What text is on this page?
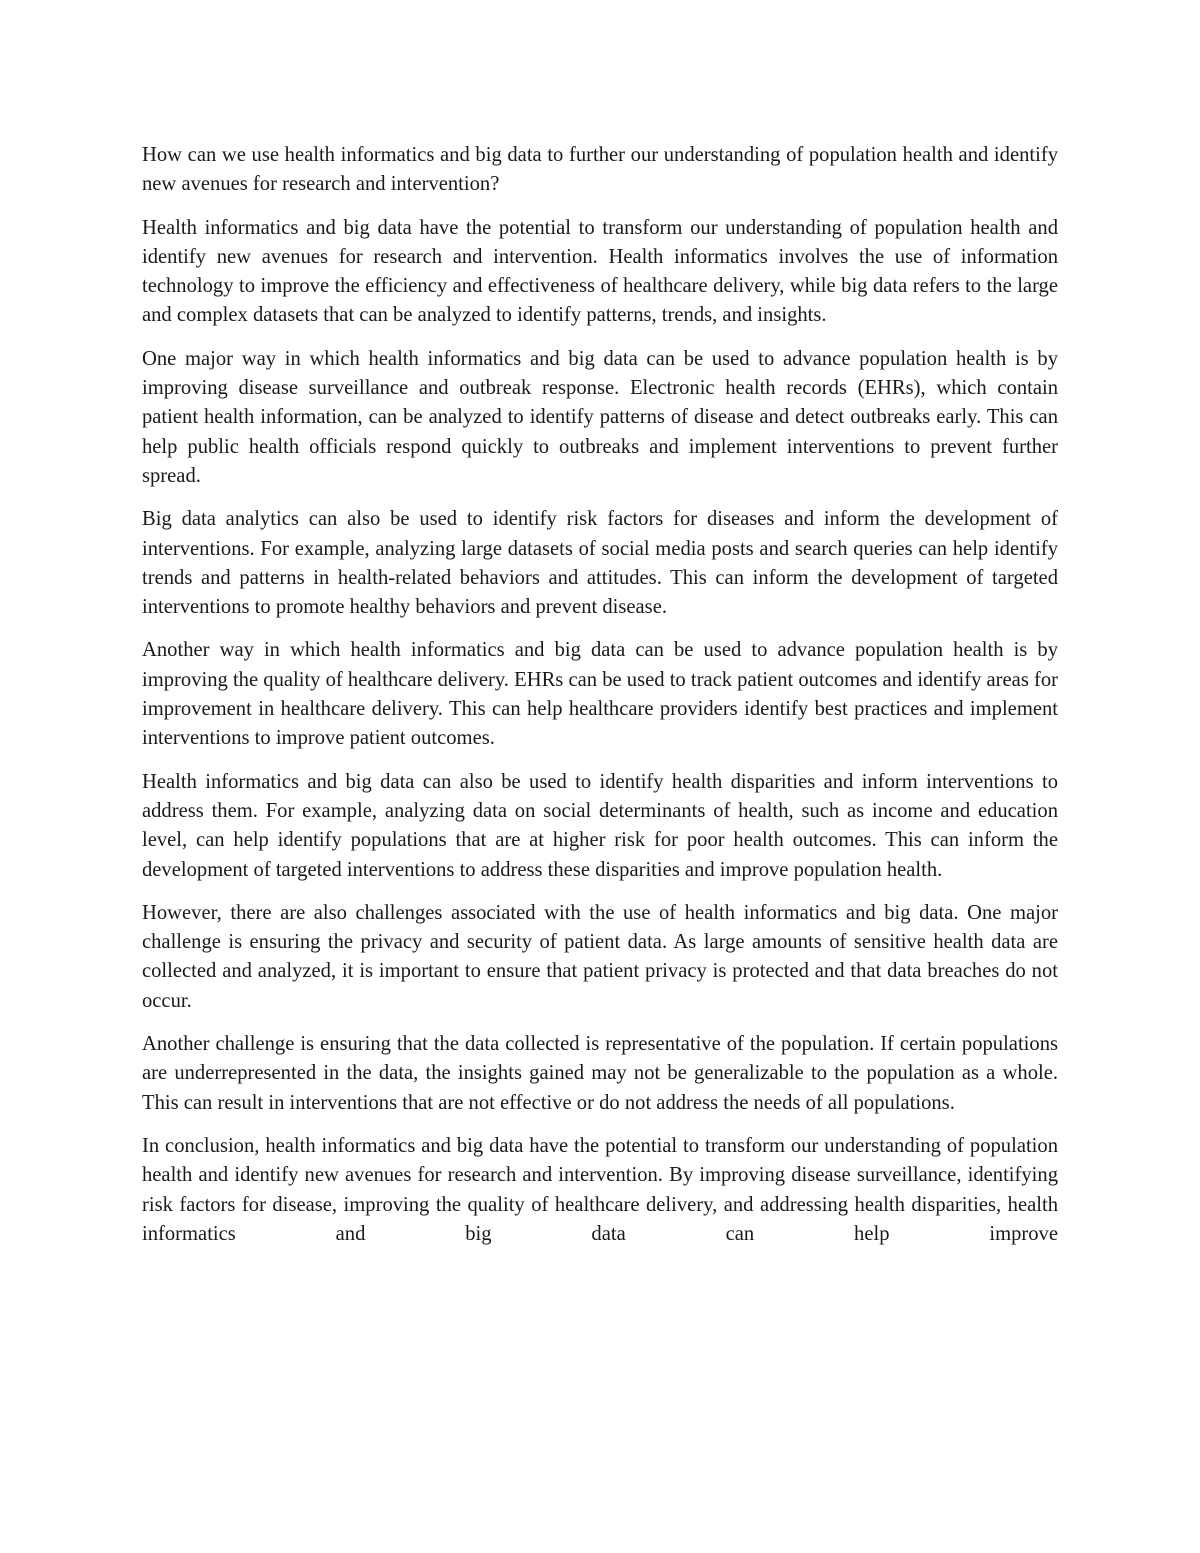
How can we use health informatics and big data to further our understanding of population health and identify new avenues for research and intervention?

Health informatics and big data have the potential to transform our understanding of population health and identify new avenues for research and intervention. Health informatics involves the use of information technology to improve the efficiency and effectiveness of healthcare delivery, while big data refers to the large and complex datasets that can be analyzed to identify patterns, trends, and insights.

One major way in which health informatics and big data can be used to advance population health is by improving disease surveillance and outbreak response. Electronic health records (EHRs), which contain patient health information, can be analyzed to identify patterns of disease and detect outbreaks early. This can help public health officials respond quickly to outbreaks and implement interventions to prevent further spread.

Big data analytics can also be used to identify risk factors for diseases and inform the development of interventions. For example, analyzing large datasets of social media posts and search queries can help identify trends and patterns in health-related behaviors and attitudes. This can inform the development of targeted interventions to promote healthy behaviors and prevent disease.

Another way in which health informatics and big data can be used to advance population health is by improving the quality of healthcare delivery. EHRs can be used to track patient outcomes and identify areas for improvement in healthcare delivery. This can help healthcare providers identify best practices and implement interventions to improve patient outcomes.

Health informatics and big data can also be used to identify health disparities and inform interventions to address them. For example, analyzing data on social determinants of health, such as income and education level, can help identify populations that are at higher risk for poor health outcomes. This can inform the development of targeted interventions to address these disparities and improve population health.

However, there are also challenges associated with the use of health informatics and big data. One major challenge is ensuring the privacy and security of patient data. As large amounts of sensitive health data are collected and analyzed, it is important to ensure that patient privacy is protected and that data breaches do not occur.

Another challenge is ensuring that the data collected is representative of the population. If certain populations are underrepresented in the data, the insights gained may not be generalizable to the population as a whole. This can result in interventions that are not effective or do not address the needs of all populations.

In conclusion, health informatics and big data have the potential to transform our understanding of population health and identify new avenues for research and intervention. By improving disease surveillance, identifying risk factors for disease, improving the quality of healthcare delivery, and addressing health disparities, health informatics and big data can help improve
